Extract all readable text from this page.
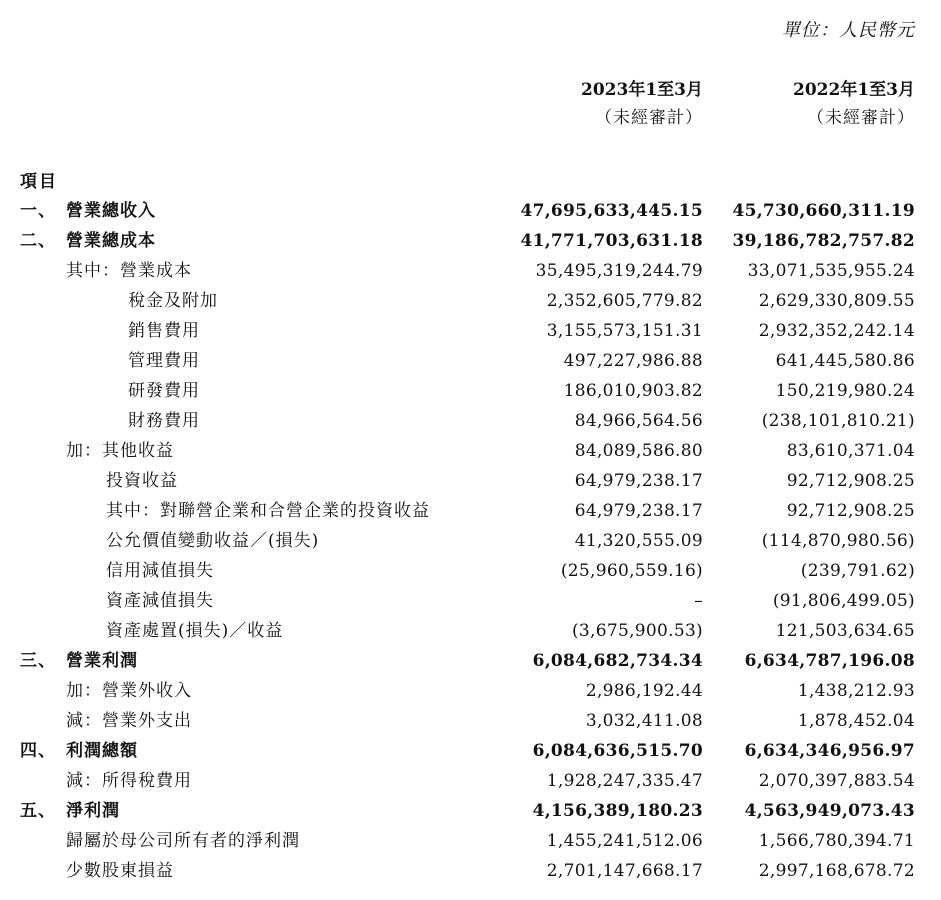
單位：人民幣元
2023年1至3月
（未經審計）
2022年1至3月
（未經審計）
項目
一、 營業總收入	47,695,633,445.15 45,730,660,311.19
二、 營業總成本	41,771,703,631.18 39,186,782,757.82
其中：營業成本	35,495,319,244.79	33,071,535,955.24
稅金及附加	2,352,605,779.82	2,629,330,809.55
銷售費用	3,155,573,151.31	2,932,352,242.14
管理費用	497,227,986.88	641,445,580.86
研發費用	186,010,903.82	150,219,980.24
財務費用	84,966,564.56	(238,101,810.21)
加：其他收益	84,089,586.80	83,610,371.04
投資收益	64,979,238.17	92,712,908.25
其中：對聯營企業和合營企業的投資收益	64,979,238.17	92,712,908.25
公允價值變動收益／(損失)	41,320,555.09	(114,870,980.56)
信用減值損失	(25,960,559.16)	(239,791.62)
資產減值損失	–	(91,806,499.05)
資產處置(損失)／收益	(3,675,900.53)	121,503,634.65
三、 營業利潤	6,084,682,734.34 6,634,787,196.08
加：營業外收入	2,986,192.44	1,438,212.93
減：營業外支出	3,032,411.08	1,878,452.04
四、 利潤總額	6,084,636,515.70 6,634,346,956.97
減：所得稅費用	1,928,247,335.47	2,070,397,883.54
五、 淨利潤	4,156,389,180.23 4,563,949,073.43
歸屬於母公司所有者的淨利潤	1,455,241,512.06	1,566,780,394.71
少數股東損益	2,701,147,668.17	2,997,168,678.72
